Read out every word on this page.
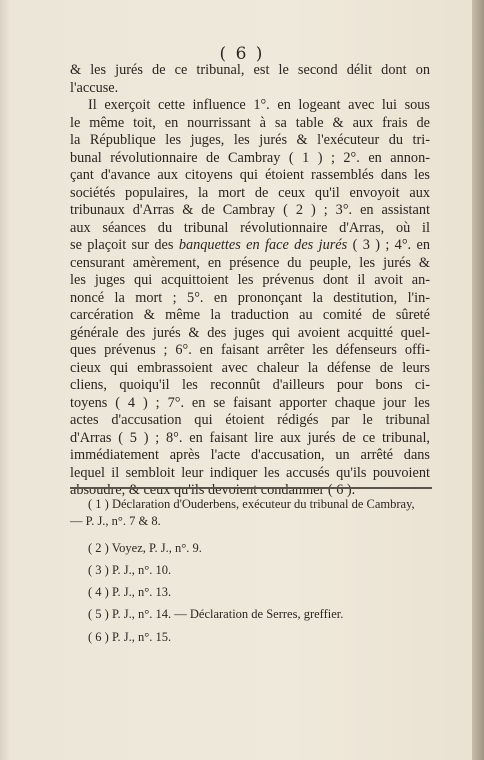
( 6 )
& les jurés de ce tribunal, est le second délit dont on
l'accuse.
Il exerçoit cette influence 1°. en logeant avec lui sous
le même toit, en nourrissant à sa table & aux frais de
la République les juges, les jurés & l'exécuteur du tri-
bunal révolutionnaire de Cambray ( 1 ) ; 2°. en annon-
çant d'avance aux citoyens qui étoient rassemblés dans les
sociétés populaires, la mort de ceux qu'il envoyoit aux
tribunaux d'Arras & de Cambray ( 2 ) ; 3°. en assistant
aux séances du tribunal révolutionnaire d'Arras, où il
se plaçoit sur des banquettes en face des jurés ( 3 ) ; 4°. en
censurant amèrement, en présence du peuple, les jurés &
les juges qui acquittoient les prévenus dont il avoit an-
noncé la mort ; 5°. en prononçant la destitution, l'in-
carcération & même la traduction au comité de sûreté
générale des jurés & des juges qui avoient acquitté quel-
ques prévenus ; 6°. en faisant arrêter les défenseurs offi-
cieux qui embrassoient avec chaleur la défense de leurs
cliens, quoiqu'il les reconnût d'ailleurs pour bons ci-
toyens ( 4 ) ; 7°. en se faisant apporter chaque jour les
actes d'accusation qui étoient rédigés par le tribunal
d'Arras ( 5 ) ; 8°. en faisant lire aux jurés de ce tribunal,
immédiatement après l'acte d'accusation, un arrêté dans
lequel il sembloit leur indiquer les accusés qu'ils pouvoient
absoudre, & ceux qu'ils devoient condamner ( 6 ).
( 1 ) Déclaration d'Ouderbens, exécuteur du tribunal de Cambray,
— P. J., n°. 7 & 8.
( 2 ) Voyez, P. J., n°. 9.
( 3 ) P. J., n°. 10.
( 4 ) P. J., n°. 13.
( 5 ) P. J., n°. 14. — Déclaration de Serres, greffier.
( 6 ) P. J., n°. 15.
